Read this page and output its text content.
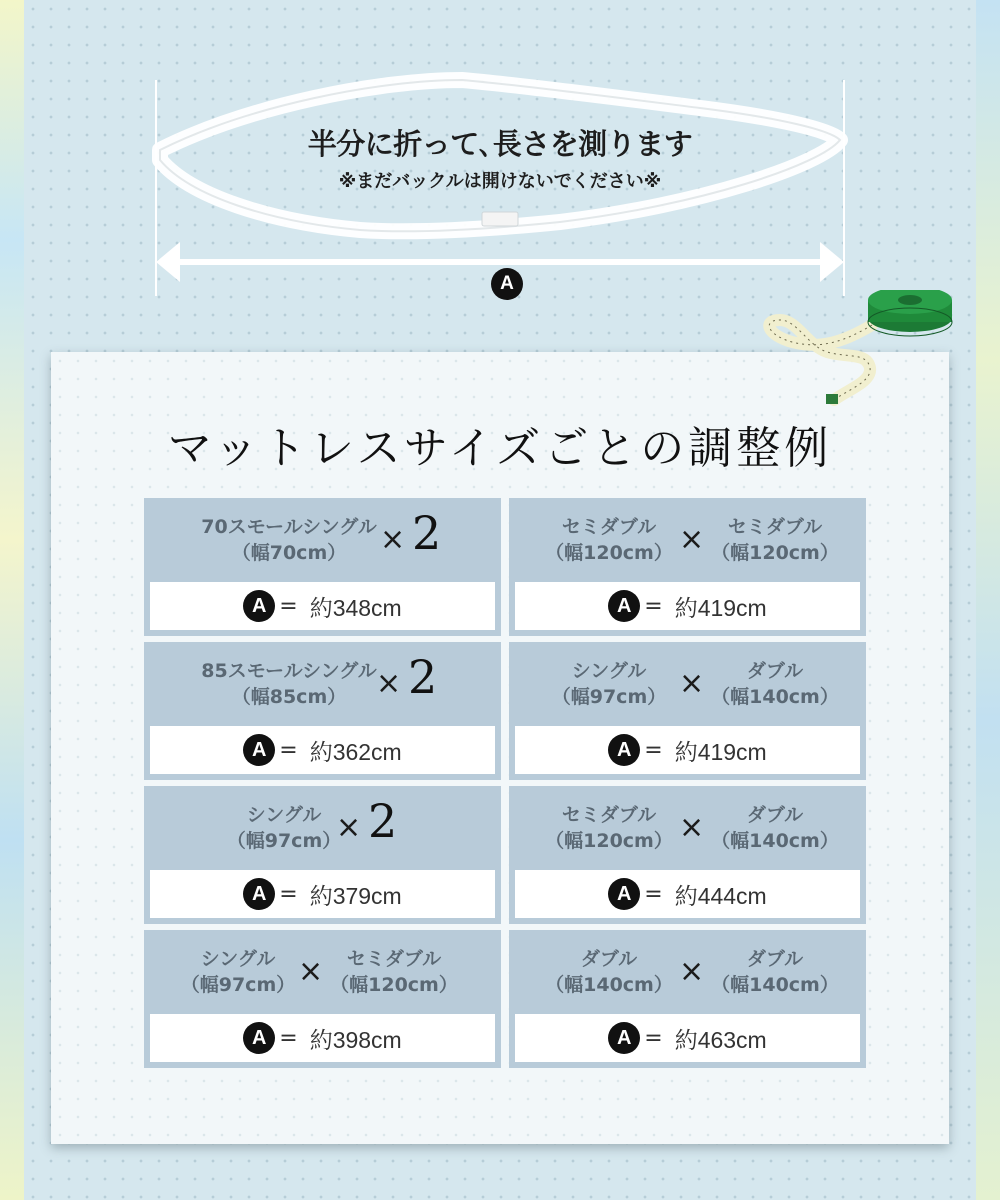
半分に折って､長さを測ります
※まだバックルは開けないでください※
A
マットレスサイズごとの調整例
70スモールシングル
（幅70cm）	× 2
A = 約348cm
セミダブル
（幅120cm） ×	セミダブル
（幅120cm）
A = 約419cm
85スモールシングル
（幅85cm） × 2
A = 約362cm
シングル
（幅97cm） ×	ダブル
（幅140cm）
A = 約419cm
シングル
（幅97cm）
× 2
A = 約379cm
セミダブル
（幅120cm） ×	ダブル
（幅140cm）
A = 約444cm
シングル
（幅97cm） ×	セミダブル
（幅120cm）
A = 約398cm
ダブル
（幅140cm） ×	ダブル
（幅140cm）
A = 約463cm
